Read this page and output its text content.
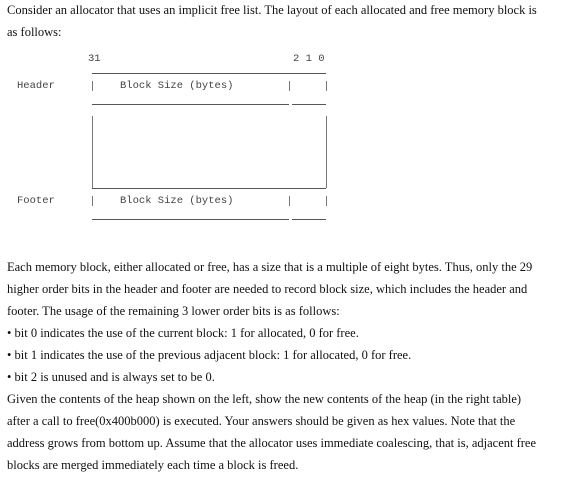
Consider an allocator that uses an implicit free list. The layout of each allocated and free memory block is
as follows:

31	2 1 0
Header	Block Size (bytes)
Footer	Block Size (bytes)

Each memory block, either allocated or free, has a size that is a multiple of eight bytes. Thus, only the 29
higher order bits in the header and footer are needed to record block size, which includes the header and
footer. The usage of the remaining 3 lower order bits is as follows:
• bit 0 indicates the use of the current block: 1 for allocated, 0 for free.
• bit 1 indicates the use of the previous adjacent block: 1 for allocated, 0 for free.
• bit 2 is unused and is always set to be 0.
Given the contents of the heap shown on the left, show the new contents of the heap (in the right table)
after a call to free(0x400b000) is executed. Your answers should be given as hex values. Note that the
address grows from bottom up. Assume that the allocator uses immediate coalescing, that is, adjacent free
blocks are merged immediately each time a block is freed.
